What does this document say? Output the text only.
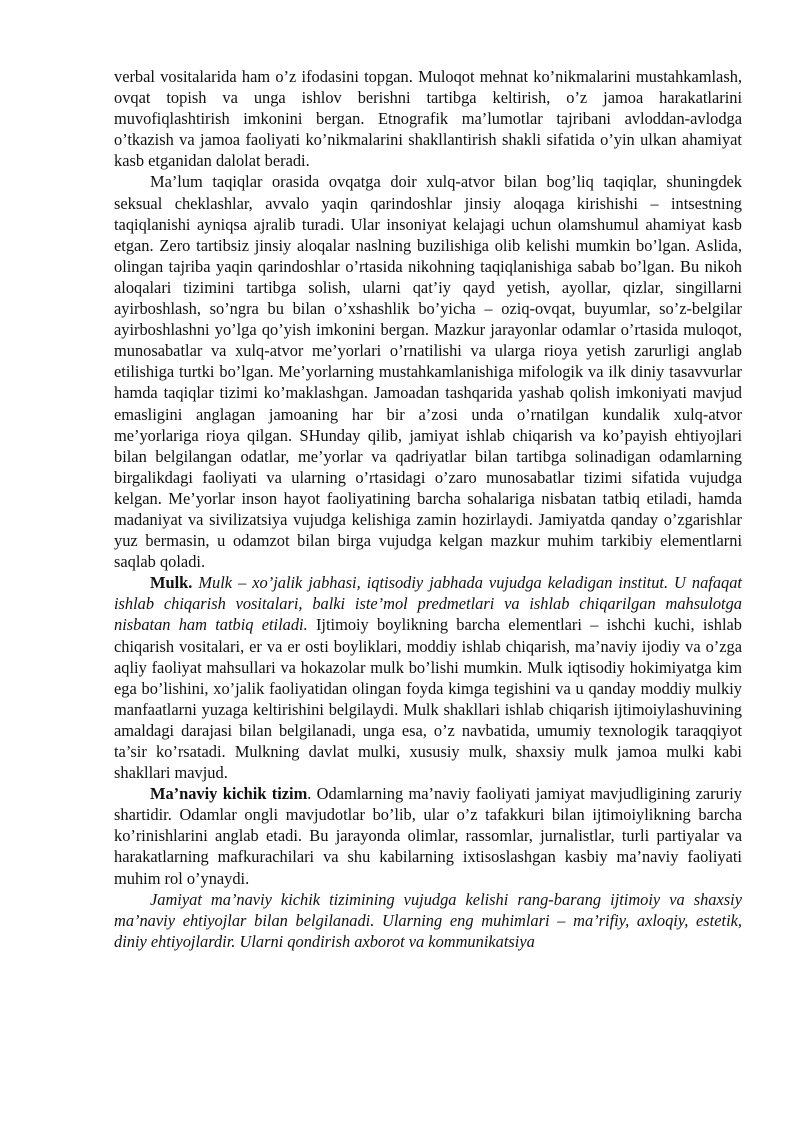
verbal vositalarida ham o’z ifodasini topgan. Muloqot mehnat ko’nikmalarini mustahkamlash, ovqat topish va unga ishlov berishni tartibga keltirish, o’z jamoa harakatlarini muvofiqlashtirish imkonini bergan. Etnografik ma’lumotlar tajribani avloddan-avlodga o’tkazish va jamoa faoliyati ko’nikmalarini shakllantirish shakli sifatida o’yin ulkan ahamiyat kasb etganidan dalolat beradi.

Ma’lum taqiqlar orasida ovqatga doir xulq-atvor bilan bog’liq taqiqlar, shuningdek seksual cheklashlar, avvalo yaqin qarindoshlar jinsiy aloqaga kirishishi – intsestning taqiqlanishi ayniqsa ajralib turadi. Ular insoniyat kelajagi uchun olamshumul ahamiyat kasb etgan. Zero tartibsiz jinsiy aloqalar naslning buzilishiga olib kelishi mumkin bo’lgan. Aslida, olingan tajriba yaqin qarindoshlar o’rtasida nikohning taqiqlanishiga sabab bo’lgan. Bu nikoh aloqalari tizimini tartibga solish, ularni qat’iy qayd yetish, ayollar, qizlar, singillarni ayirboshlash, so’ngra bu bilan o’xshashlik bo’yicha – oziq-ovqat, buyumlar, so’z-belgilar ayirboshlashni yo’lga qo’yish imkonini bergan. Mazkur jarayonlar odamlar o’rtasida muloqot, munosabatlar va xulq-atvor me’yorlari o’rnatilishi va ularga rioya yetish zarurligi anglab etilishiga turtki bo’lgan. Me’yorlarning mustahkamlanishiga mifologik va ilk diniy tasavvurlar hamda taqiqlar tizimi ko’maklashgan. Jamoadan tashqarida yashab qolish imkoniyati mavjud emasligini anglagan jamoaning har bir a’zosi unda o’rnatilgan kundalik xulq-atvor me’yorlariga rioya qilgan. SHunday qilib, jamiyat ishlab chiqarish va ko’payish ehtiyojlari bilan belgilangan odatlar, me’yorlar va qadriyatlar bilan tartibga solinadigan odamlarning birgalikdagi faoliyati va ularning o’rtasidagi o’zaro munosabatlar tizimi sifatida vujudga kelgan. Me’yorlar inson hayot faoliyatining barcha sohalariga nisbatan tatbiq etiladi, hamda madaniyat va sivilizatsiya vujudga kelishiga zamin hozirlaydi. Jamiyatda qanday o’zgarishlar yuz bermasin, u odamzot bilan birga vujudga kelgan mazkur muhim tarkibiy elementlarni saqlab qoladi.

Mulk. Mulk – xo’jalik jabhasi, iqtisodiy jabhada vujudga keladigan institut. U nafaqat ishlab chiqarish vositalari, balki iste’mol predmetlari va ishlab chiqarilgan mahsulotga nisbatan ham tatbiq etiladi. Ijtimoiy boylikning barcha elementlari – ishchi kuchi, ishlab chiqarish vositalari, er va er osti boyliklari, moddiy ishlab chiqarish, ma’naviy ijodiy va o’zga aqliy faoliyat mahsullari va hokazolar mulk bo’lishi mumkin. Mulk iqtisodiy hokimiyatga kim ega bo’lishini, xo’jalik faoliyatidan olingan foyda kimga tegishini va u qanday moddiy mulkiy manfaatlarni yuzaga keltirishini belgilaydi. Mulk shakllari ishlab chiqarish ijtimoiylashuvining amaldagi darajasi bilan belgilanadi, unga esa, o’z navbatida, umumiy texnologik taraqqiyot ta’sir ko’rsatadi. Mulkning davlat mulki, xususiy mulk, shaxsiy mulk jamoa mulki kabi shakllari mavjud.

Ma’naviy kichik tizim. Odamlarning ma’naviy faoliyati jamiyat mavjudligining zaruriy shartidir. Odamlar ongli mavjudotlar bo’lib, ular o’z tafakkuri bilan ijtimoiylikning barcha ko’rinishlarini anglab etadi. Bu jarayonda olimlar, rassomlar, jurnalistlar, turli partiyalar va harakatlarning mafkurachilari va shu kabilarning ixtisoslashgan kasbiy ma’naviy faoliyati muhim rol o’ynaydi.

Jamiyat ma’naviy kichik tizimining vujudga kelishi rang-barang ijtimoiy va shaxsiy ma’naviy ehtiyojlar bilan belgilanadi. Ularning eng muhimlari – ma’rifiy, axloqiy, estetik, diniy ehtiyojlardir. Ularni qondirish axborot va kommunikatsiya
